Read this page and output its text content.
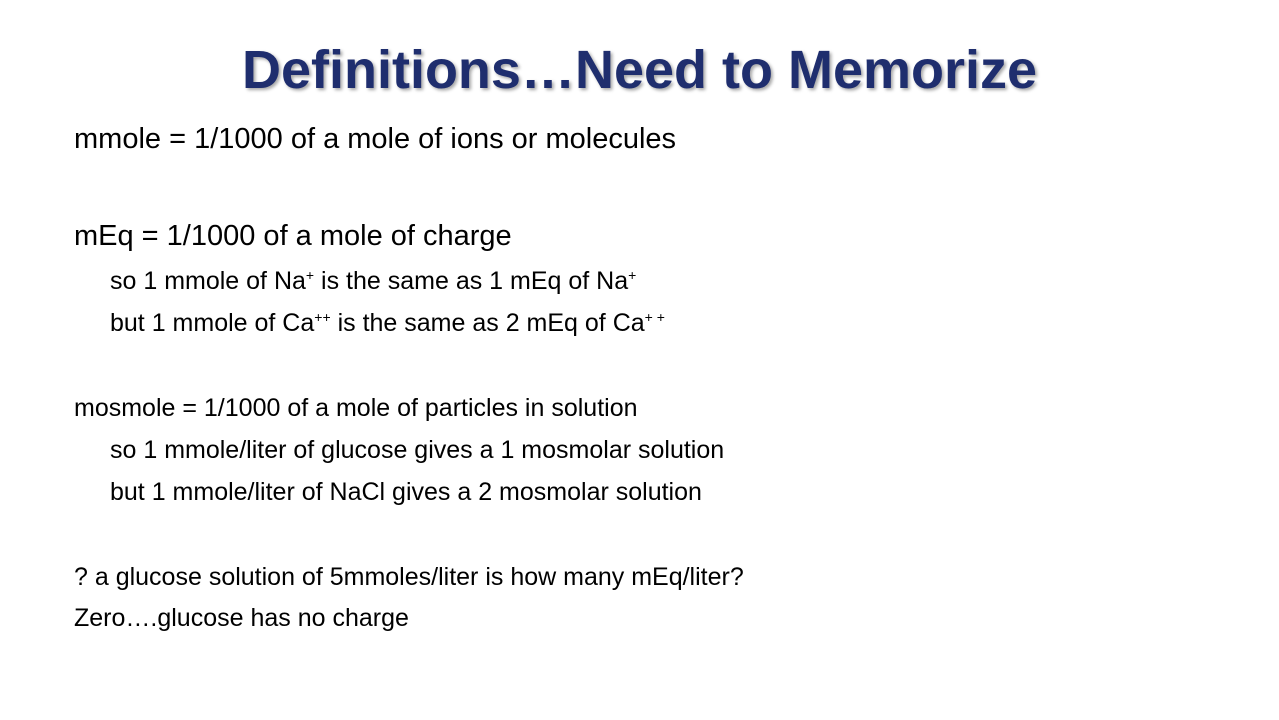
Definitions…Need to Memorize
mmole = 1/1000 of a mole of ions or molecules
mEq = 1/1000 of a mole of charge
so 1 mmole of Na+ is the same as 1 mEq of Na+
but 1 mmole of Ca++ is the same as 2 mEq of Ca+ +
mosmole = 1/1000 of a mole of particles in solution
so 1 mmole/liter of glucose gives a 1 mosmolar solution
but 1 mmole/liter of NaCl gives a 2 mosmolar solution
? a glucose solution of 5mmoles/liter is how many mEq/liter?
Zero….glucose has no charge
